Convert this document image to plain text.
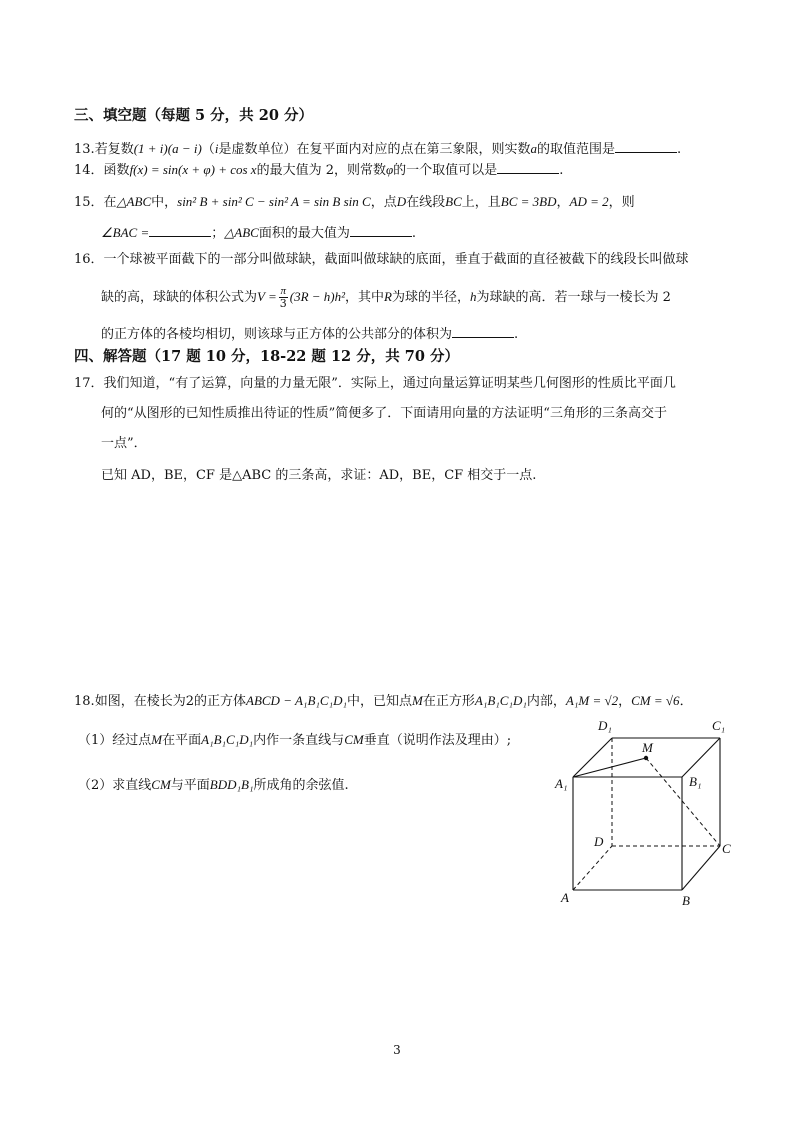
三、填空题（每题 5 分，共 20 分）
13.若复数(1 + i)(a − i)（i是虚数单位）在复平面内对应的点在第三象限，则实数a的取值范围是	.
14．函数f(x) = sin(x + φ) + cos x的最大值为 2，则常数φ的一个取值可以是	.
15．在△ABC中，sin² B + sin² C − sin² A = sin B sin C，点D在线段BC上，且BC = 3BD，AD = 2，则
∠BAC =	；△ABC面积的最大值为	.
16．一个球被平面截下的一部分叫做球缺，截面叫做球缺的底面，垂直于截面的直径被截下的线段长叫做球
缺的高，球缺的体积公式为$V = \frac{\pi}{3} (3R - h)h^2$，其中R为球的半径，h为球缺的高．若一球与一棱长为 2
的正方体的各棱均相切，则该球与正方体的公共部分的体积为	.
四、解答题（17 题 10 分，18-22 题 12 分，共 70 分）
17．我们知道，“有了运算，向量的力量无限”．实际上，通过向量运算证明某些几何图形的性质比平面几
何的“从图形的已知性质推出待证的性质”简便多了．下面请用向量的方法证明“三角形的三条高交于
一点”．
已知 AD，BE，CF 是△ABC 的三条高，求证：AD，BE，CF 相交于一点.
18.如图，在棱长为2的正方体ABCD − A₁B₁C₁D₁中，已知点M在正方形A₁B₁C₁D₁内部，A₁M = √2，CM = √6．
（1）经过点M在平面A₁B₁C₁D₁内作一条直线与CM垂直（说明作法及理由）;
（2）求直线CM与平面BDD₁B₁所成角的余弦值.
D₁	C₁
M
A₁	B₁
D	C
A	B
3
